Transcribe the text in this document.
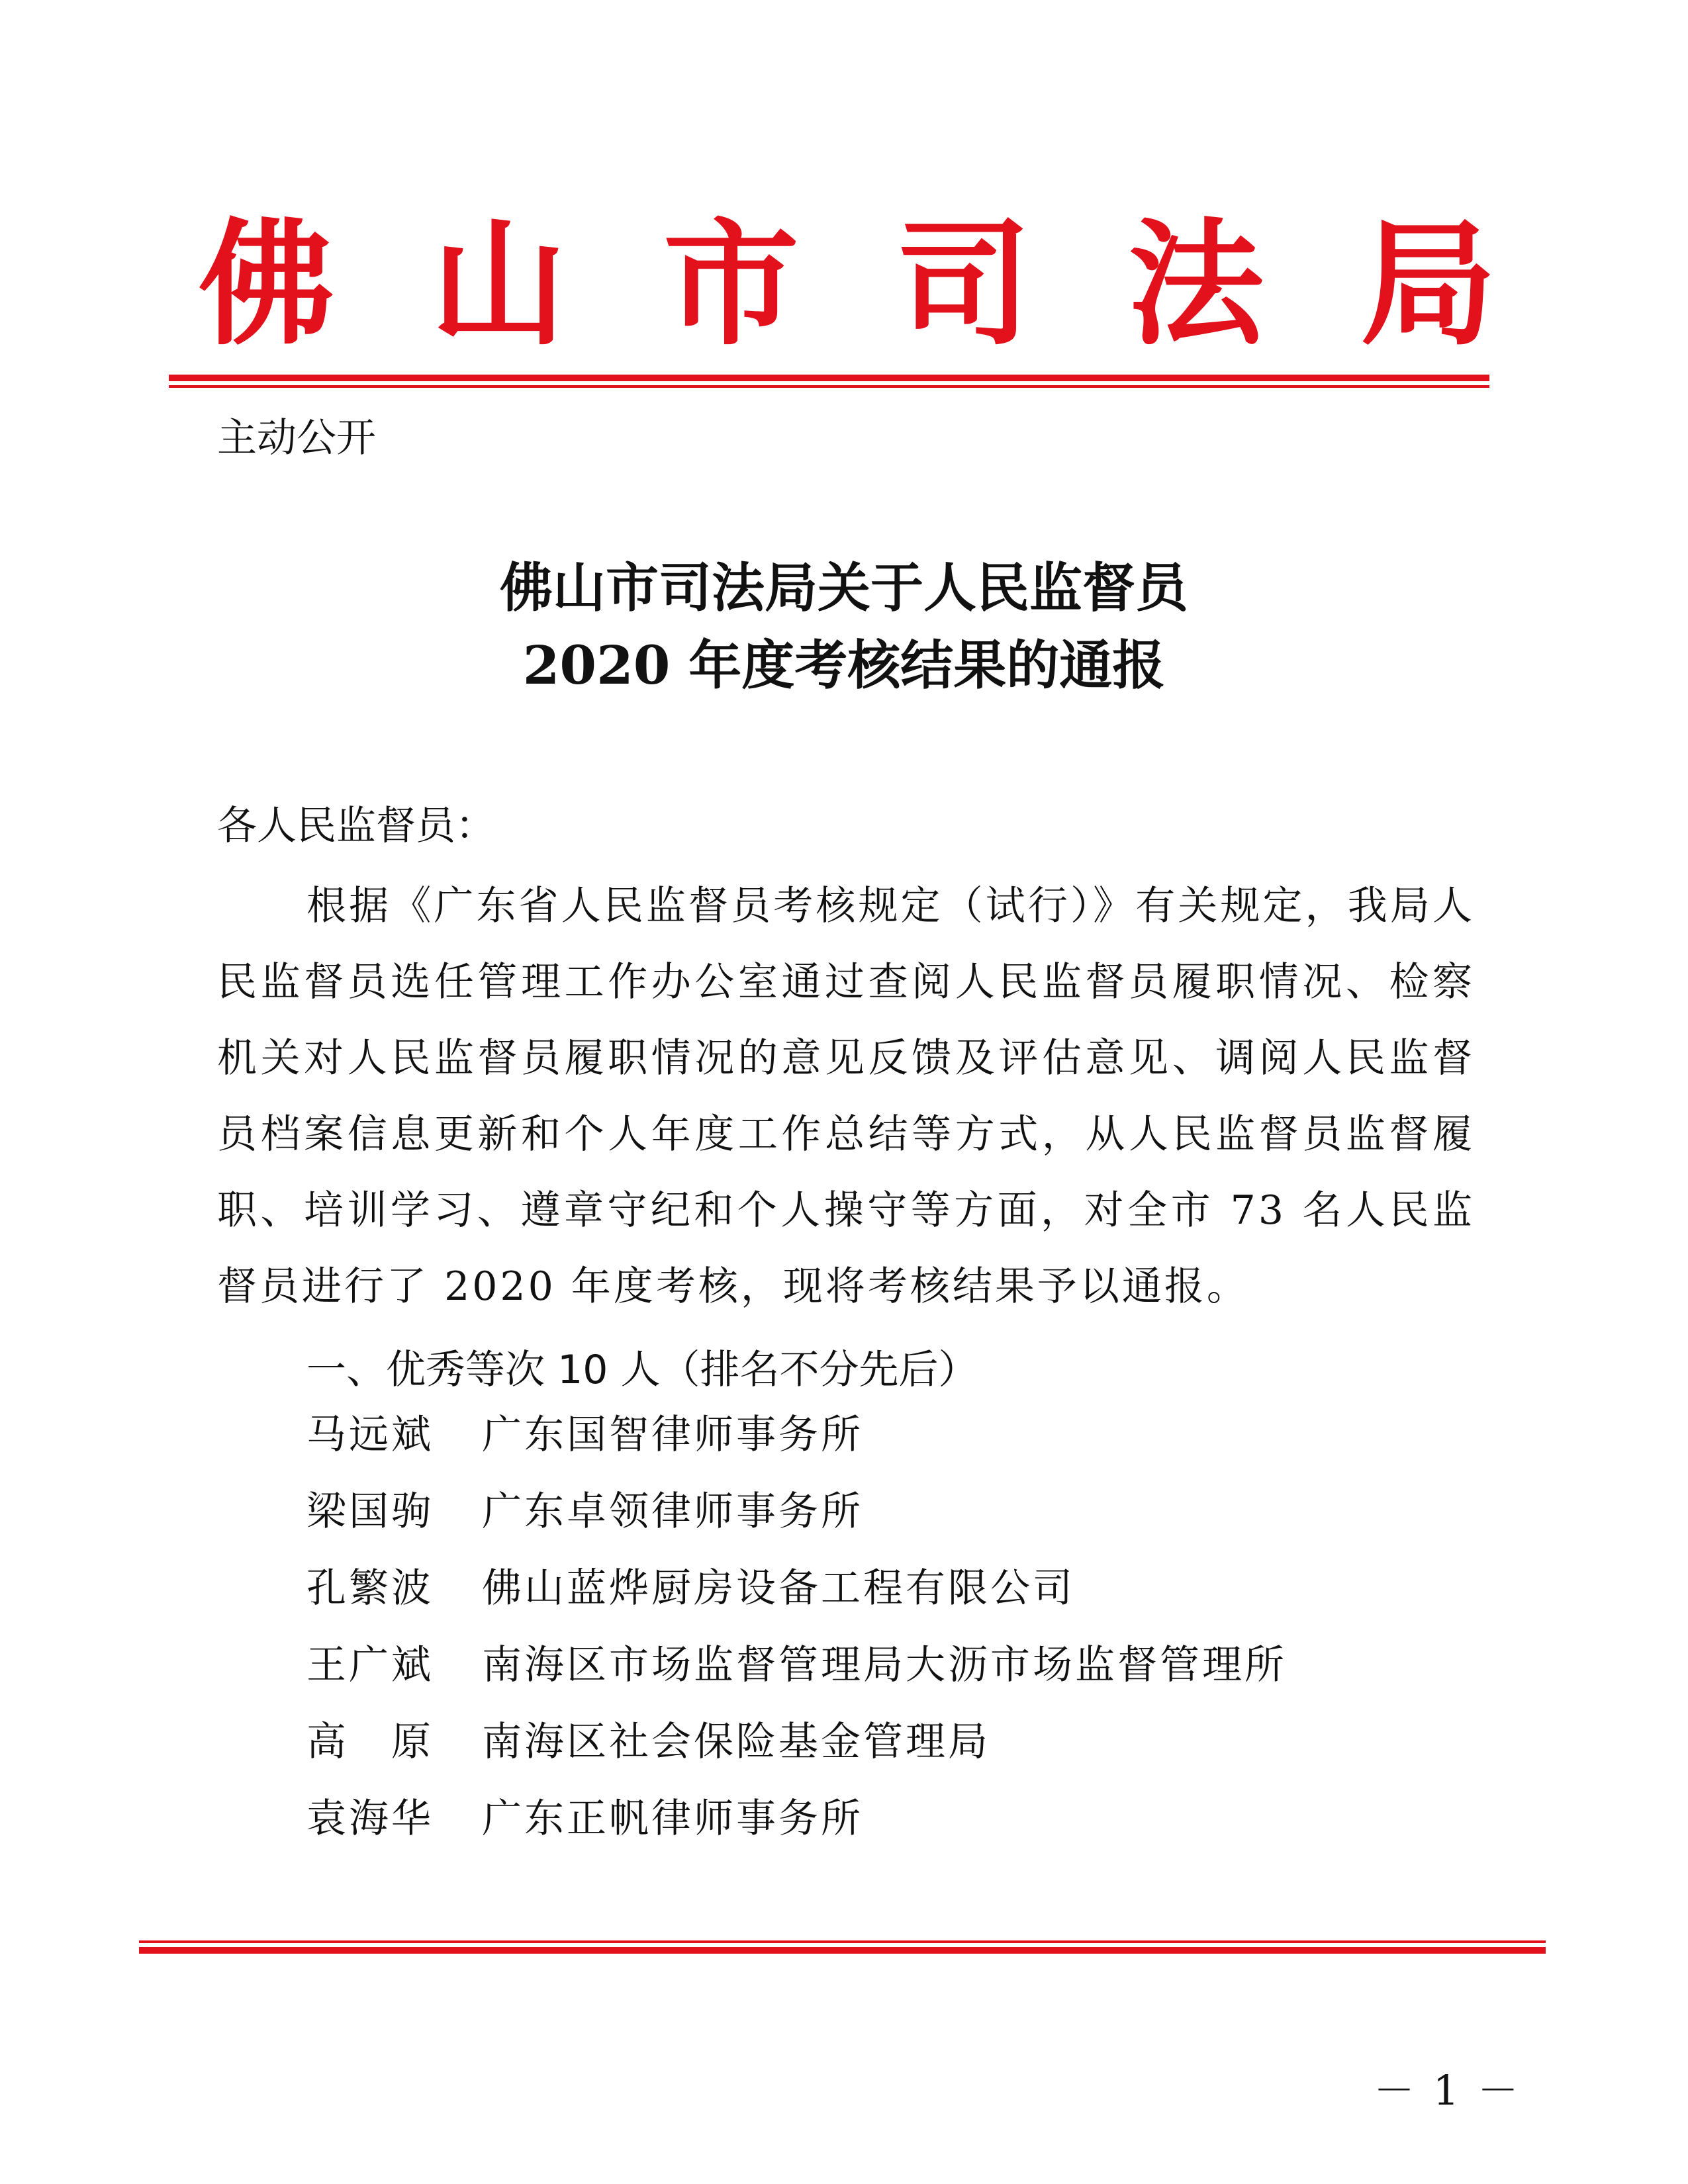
佛 山 市 司 法 局
主动公开
佛山市司法局关于人民监督员
2020 年度考核结果的通报
各人民监督员：
根据《广东省人民监督员考核规定（试行）》有关规定，我局人民监督员选任管理工作办公室通过查阅人民监督员履职情况、检察机关对人民监督员履职情况的意见反馈及评估意见、调阅人民监督员档案信息更新和个人年度工作总结等方式，从人民监督员监督履职、培训学习、遵章守纪和个人操守等方面，对全市 73 名人民监督员进行了 2020 年度考核，现将考核结果予以通报。
一、优秀等次 10 人（排名不分先后）
马远斌	广东国智律师事务所
梁国驹	广东卓领律师事务所
孔繁波	佛山蓝烨厨房设备工程有限公司
王广斌	南海区市场监督管理局大沥市场监督管理所
高　原	南海区社会保险基金管理局
袁海华	广东正帆律师事务所
－ 1 －
